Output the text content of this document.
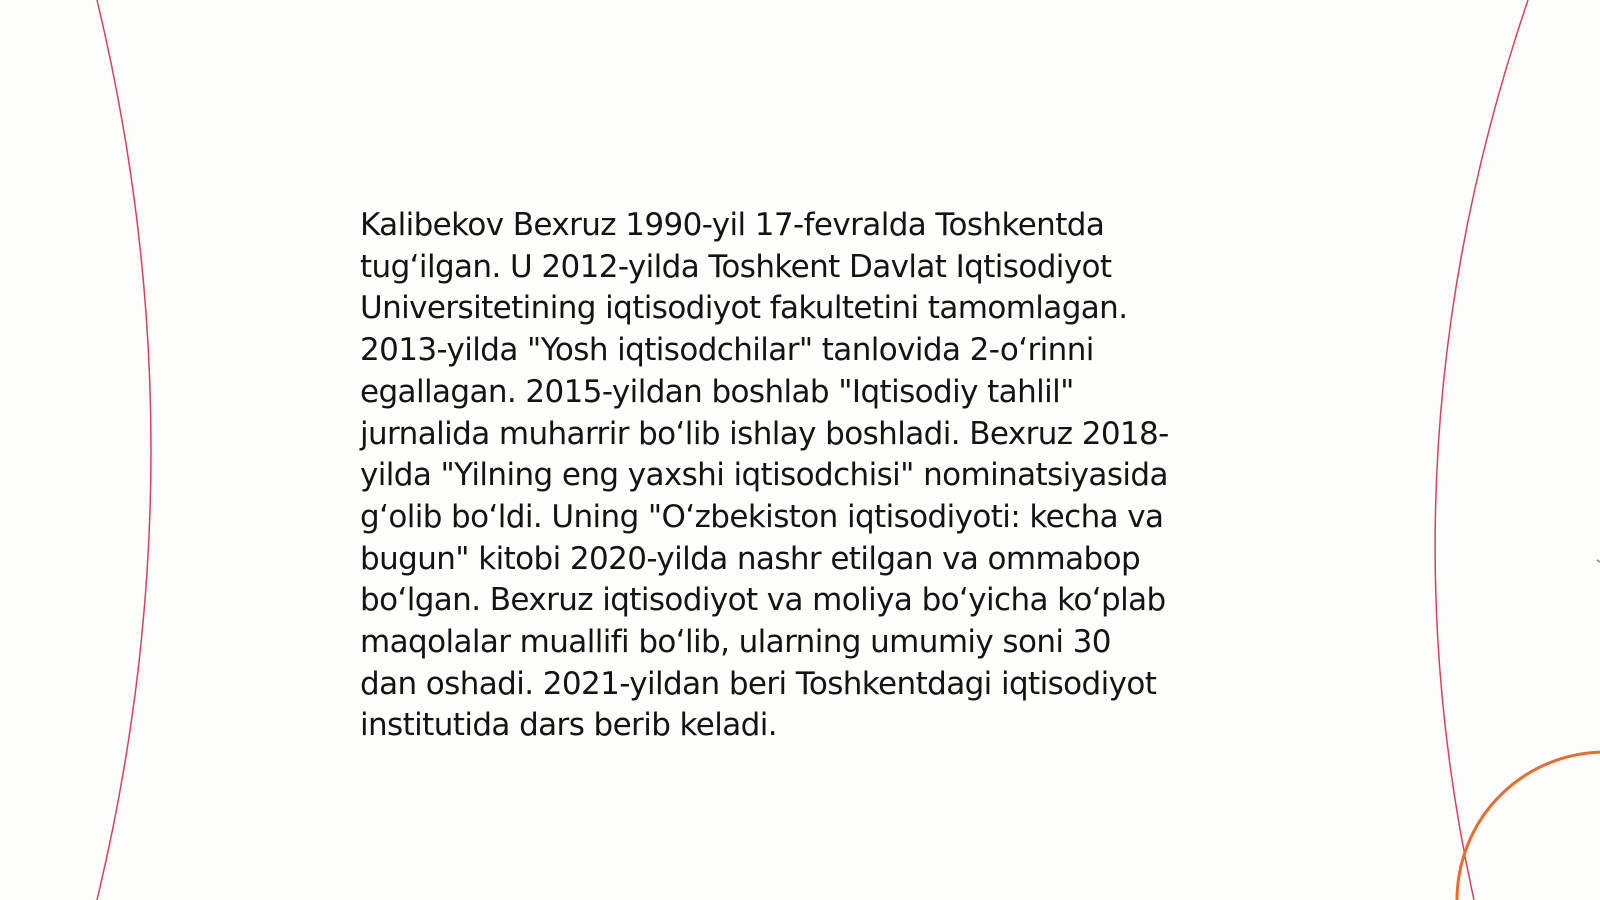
Kalibekov Bexruz 1990-yil 17-fevralda Toshkentda
tug‘ilgan. U 2012-yilda Toshkent Davlat Iqtisodiyot
Universitetining iqtisodiyot fakultetini tamomlagan.
2013-yilda "Yosh iqtisodchilar" tanlovida 2-o‘rinni
egallagan. 2015-yildan boshlab "Iqtisodiy tahlil"
jurnalida muharrir bo‘lib ishlay boshladi. Bexruz 2018-
yilda "Yilning eng yaxshi iqtisodchisi" nominatsiyasida
g‘olib bo‘ldi. Uning "O‘zbekiston iqtisodiyoti: kecha va
bugun" kitobi 2020-yilda nashr etilgan va ommabop
bo‘lgan. Bexruz iqtisodiyot va moliya bo‘yicha ko‘plab
maqolalar muallifi bo‘lib, ularning umumiy soni 30
dan oshadi. 2021-yildan beri Toshkentdagi iqtisodiyot
institutida dars berib keladi.
